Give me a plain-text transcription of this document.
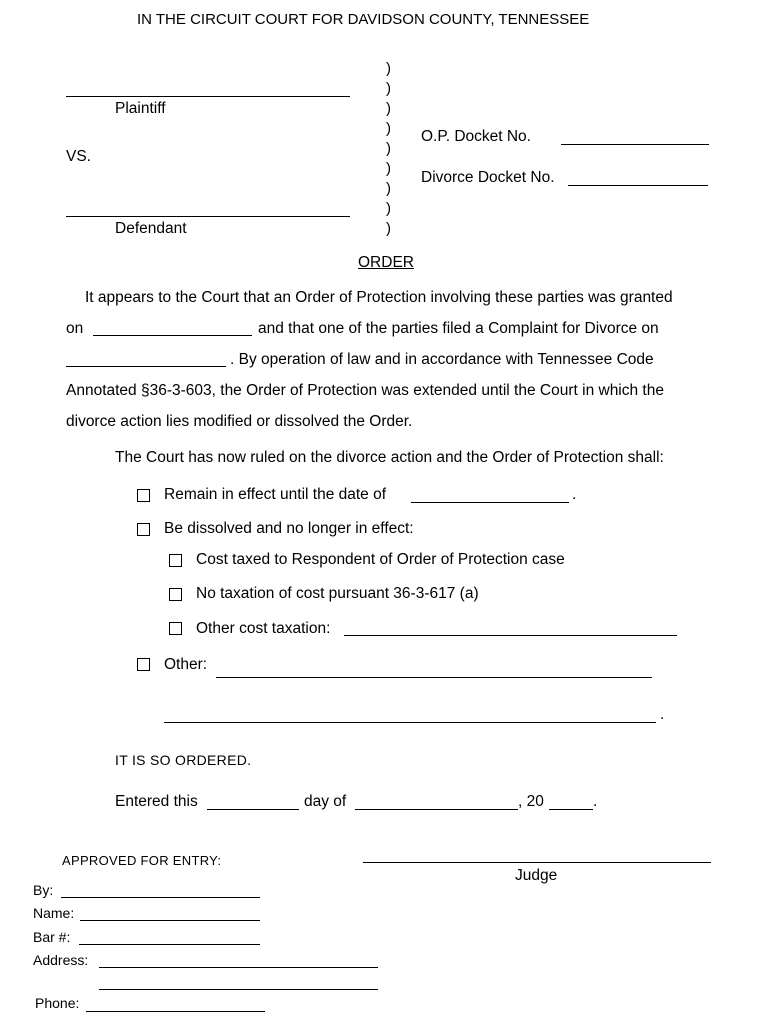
IN THE CIRCUIT COURT FOR DAVIDSON COUNTY, TENNESSEE
Plaintiff
VS.
Defendant
)
)
)
)
)
)
)
)
)
O.P. Docket No.
Divorce Docket No.
ORDER
It appears to the Court that an Order of Protection involving these parties was granted
on	and that one of the parties filed a Complaint for Divorce on
. By operation of law and in accordance with Tennessee Code
Annotated §36-3-603, the Order of Protection was extended until the Court in which the
divorce action lies modified or dissolved the Order.
The Court has now ruled on the divorce action and the Order of Protection shall:
Remain in effect until the date of	.
Be dissolved and no longer in effect:
Cost taxed to Respondent of Order of Protection case
No taxation of cost pursuant 36-3-617 (a)
Other cost taxation:
Other:
.
IT IS SO ORDERED.
Entered this	day of	, 20	.
APPROVED FOR ENTRY:
Judge
By:
Name:
Bar #:
Address:
Phone:
